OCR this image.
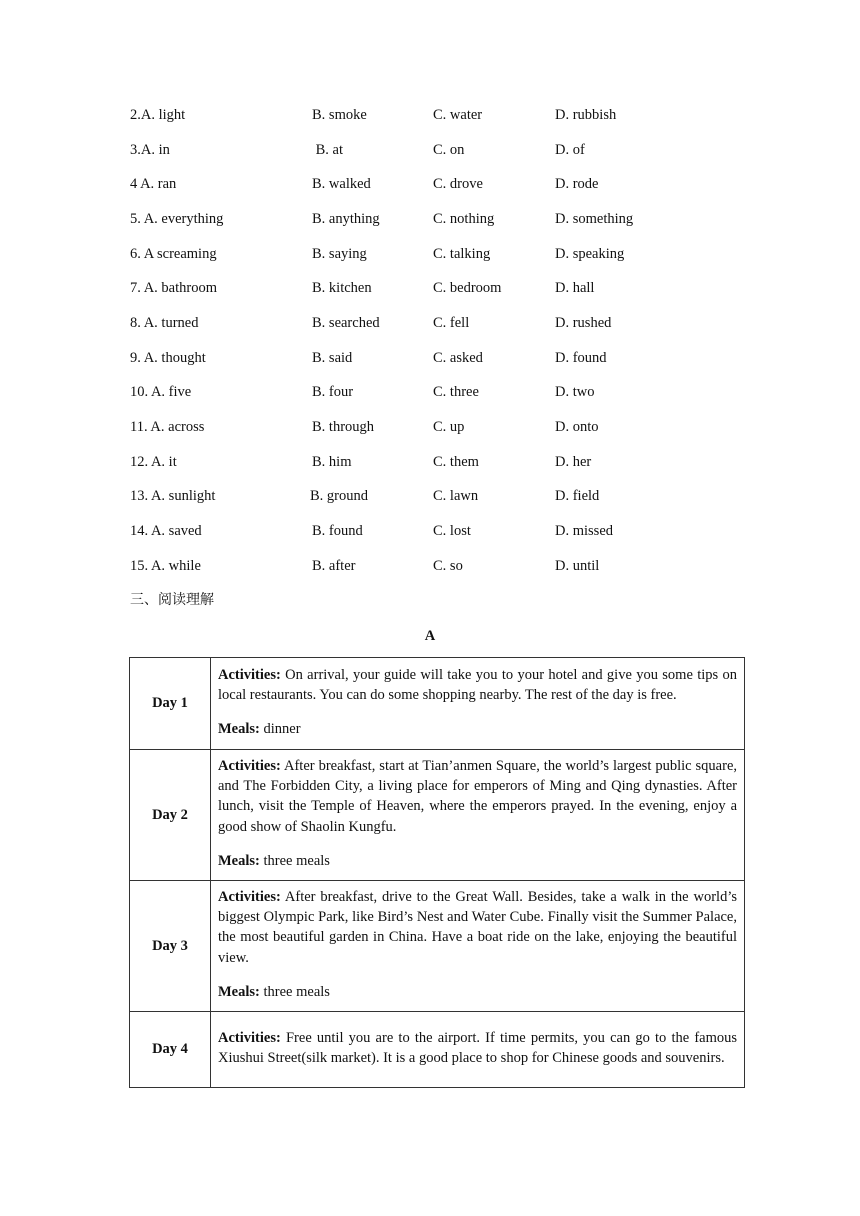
2.A. light	B. smoke	C. water	D. rubbish
3.A. in	B. at	C. on	D. of
4 A. ran	B. walked	C. drove	D. rode
5. A. everything	B. anything	C. nothing	D. something
6. A screaming	B. saying	C. talking	D. speaking
7. A. bathroom	B. kitchen	C. bedroom	D. hall
8. A. turned	B. searched	C. fell	D. rushed
9. A. thought	B. said	C. asked	D. found
10. A. five	B. four	C. three	D. two
11. A. across	B. through	C. up	D. onto
12. A. it	B. him	C. them	D. her
13. A. sunlight	B. ground	C. lawn	D. field
14. A. saved	B. found	C. lost	D. missed
15. A. while	B. after	C. so	D. until
三、阅读理解
A
Day 1	Activities: On arrival, your guide will take you to your hotel and give you some tips on local restaurants. You can do some shopping nearby. The rest of the day is free.

Meals: dinner

Day 2	Activities: After breakfast, start at Tian’anmen Square, the world’s largest public square, and The Forbidden City, a living place for emperors of Ming and Qing dynasties. After lunch, visit the Temple of Heaven, where the emperors prayed. In the evening, enjoy a good show of Shaolin Kungfu.

Meals: three meals

Day 3	Activities: After breakfast, drive to the Great Wall. Besides, take a walk in the world’s biggest Olympic Park, like Bird’s Nest and Water Cube. Finally visit the Summer Palace, the most beautiful garden in China. Have a boat ride on the lake, enjoying the beautiful view.

Meals: three meals

Day 4	Activities: Free until you are to the airport. If time permits, you can go to the famous Xiushui Street(silk market). It is a good place to shop for Chinese goods and souvenirs.
